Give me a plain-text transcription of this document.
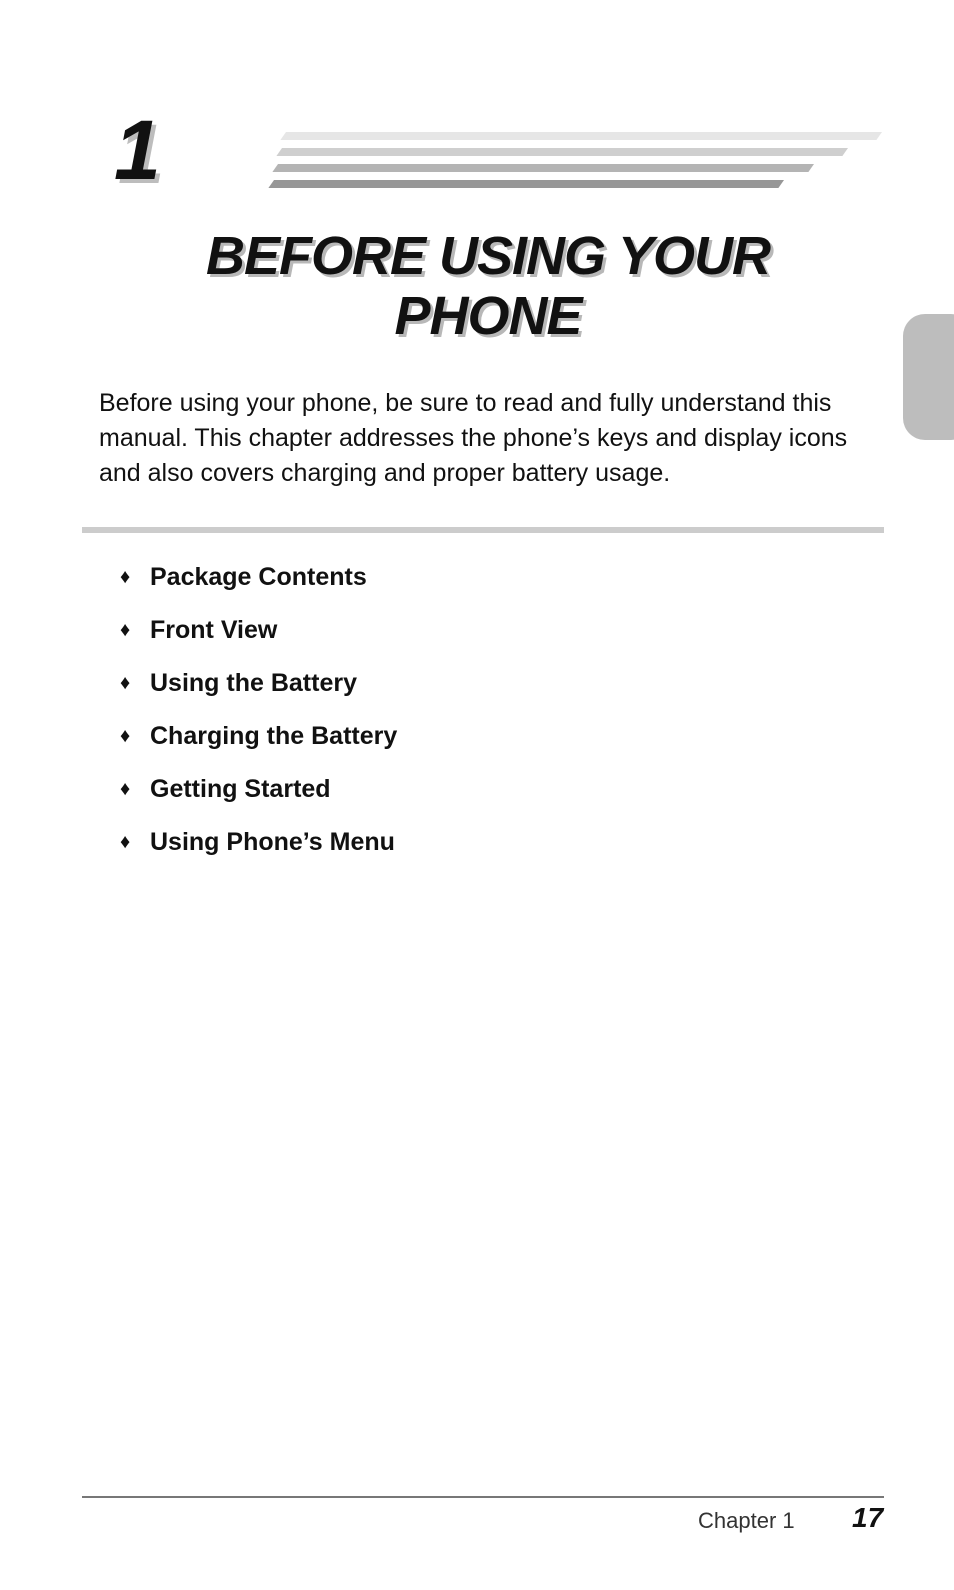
1
BEFORE USING YOUR
PHONE

Before using your phone, be sure to read and fully understand this manual. This chapter addresses the phone’s keys and display icons and also covers charging and proper battery usage.

♦ Package Contents
♦ Front View
♦ Using the Battery
♦ Charging the Battery
♦ Getting Started
♦ Using Phone’s Menu
Chapter 1 17
